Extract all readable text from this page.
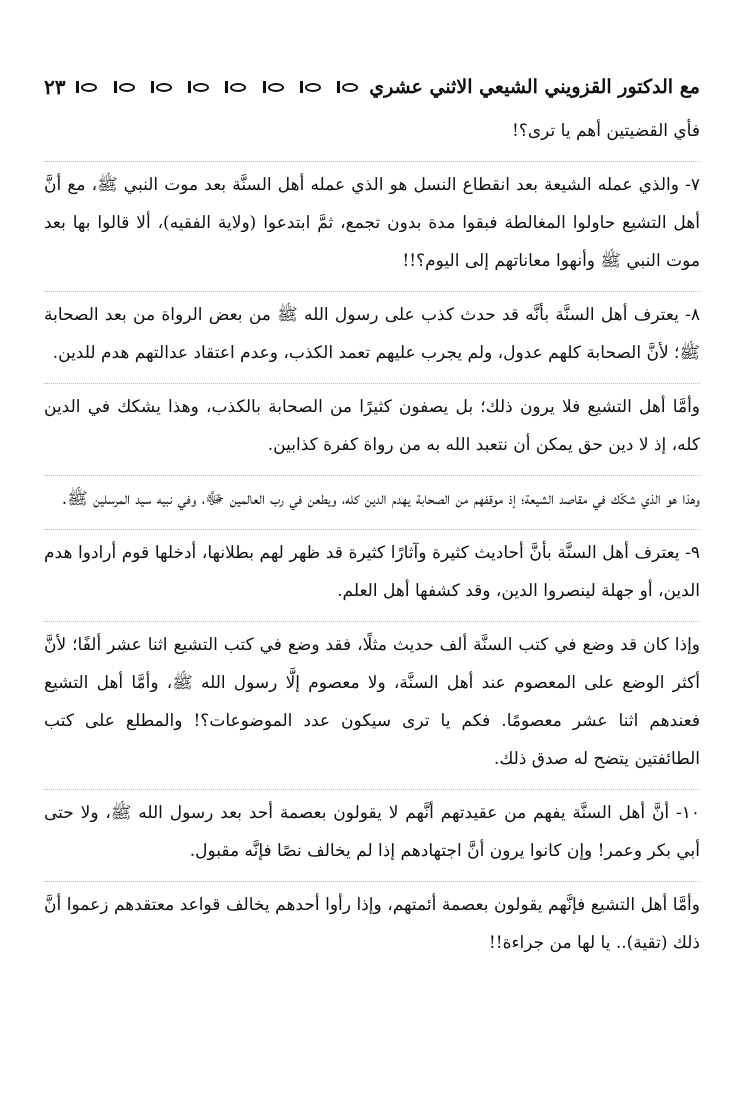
مع الدكتور القزويني الشيعي الاثني عشري
٢٣

فأي القضيتين أهم يا ترى؟!

٧- والذي عمله الشيعة بعد انقطاع النسل هو الذي عمله أهل السنَّة بعد موت النبي ﷺ، مع أنَّ أهل التشيع حاولوا المغالطة فبقوا مدة بدون تجمع، ثمَّ ابتدعوا (ولاية الفقيه)، ألا قالوا بها بعد موت النبي ﷺ وأنهوا معاناتهم إلى اليوم؟!!

٨- يعترف أهل السنَّة بأنَّه قد حدث كذب على رسول الله ﷺ من بعض الرواة من بعد الصحابة ﷺ؛ لأنَّ الصحابة كلهم عدول، ولم يجرب عليهم تعمد الكذب، وعدم اعتقاد عدالتهم هدم للدين.

وأمَّا أهل التشيع فلا يرون ذلك؛ بل يصفون كثيرًا من الصحابة بالكذب، وهذا يشكك في الدين كله، إذ لا دين حق يمكن أن نتعبد الله به من رواة كفرة كذابين.

وهذا هو الذي شكّك في مقاصد الشيعة؛ إذ موقفهم من الصحابة يهدم الدين كله، ويطعن في رب العالمين ﷻ، وفي نبيه سيد المرسلين ﷺ.

٩- يعترف أهل السنَّة بأنَّ أحاديث كثيرة وآثارًا كثيرة قد ظهر لهم بطلانها، أدخلها قوم أرادوا هدم الدين، أو جهلة لينصروا الدين، وقد كشفها أهل العلم.

وإذا كان قد وضع في كتب السنَّة ألف حديث مثلًا، فقد وضع في كتب التشيع اثنا عشر ألفًا؛ لأنَّ أكثر الوضع على المعصوم عند أهل السنَّة، ولا معصوم إلَّا رسول الله ﷺ، وأمَّا أهل التشيع فعندهم اثنا عشر معصومًا. فكم يا ترى سيكون عدد الموضوعات؟! والمطلع على كتب الطائفتين يتضح له صدق ذلك.

١٠- أنَّ أهل السنَّة يفهم من عقيدتهم أنَّهم لا يقولون بعصمة أحد بعد رسول الله ﷺ، ولا حتى أبي بكر وعمر! وإن كانوا يرون أنَّ اجتهادهم إذا لم يخالف نصًا فإنَّه مقبول.

وأمَّا أهل التشيع فإنَّهم يقولون بعصمة أئمتهم، وإذا رأوا أحدهم يخالف قواعد معتقدهم زعموا أنَّ ذلك (تقية).. يا لها من جراءة!!
